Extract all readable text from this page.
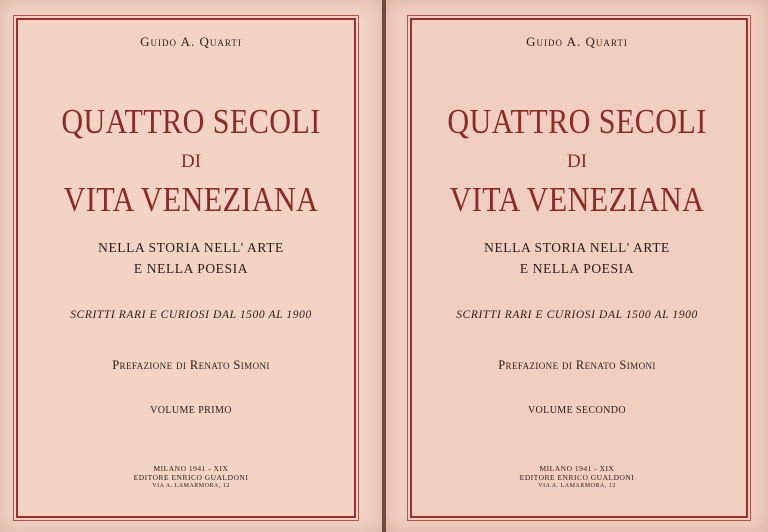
Guido A. Quarti
QUATTRO SECOLI
DI
VITA VENEZIANA
NELLA STORIA NELL' ARTE
E NELLA POESIA
SCRITTI RARI E CURIOSI DAL 1500 AL 1900
Prefazione di Renato Simoni
VOLUME PRIMO
MILANO 1941 - XIX
EDITORE ENRICO GUALDONI
VIA A. LAMARMORA, 12
Guido A. Quarti
QUATTRO SECOLI
DI
VITA VENEZIANA
NELLA STORIA NELL' ARTE
E NELLA POESIA
SCRITTI RARI E CURIOSI DAL 1500 AL 1900
Prefazione di Renato Simoni
VOLUME SECONDO
MILANO 1941 - XIX
EDITORE ENRICO GUALDONI
VIA A. LAMARMORA, 12
